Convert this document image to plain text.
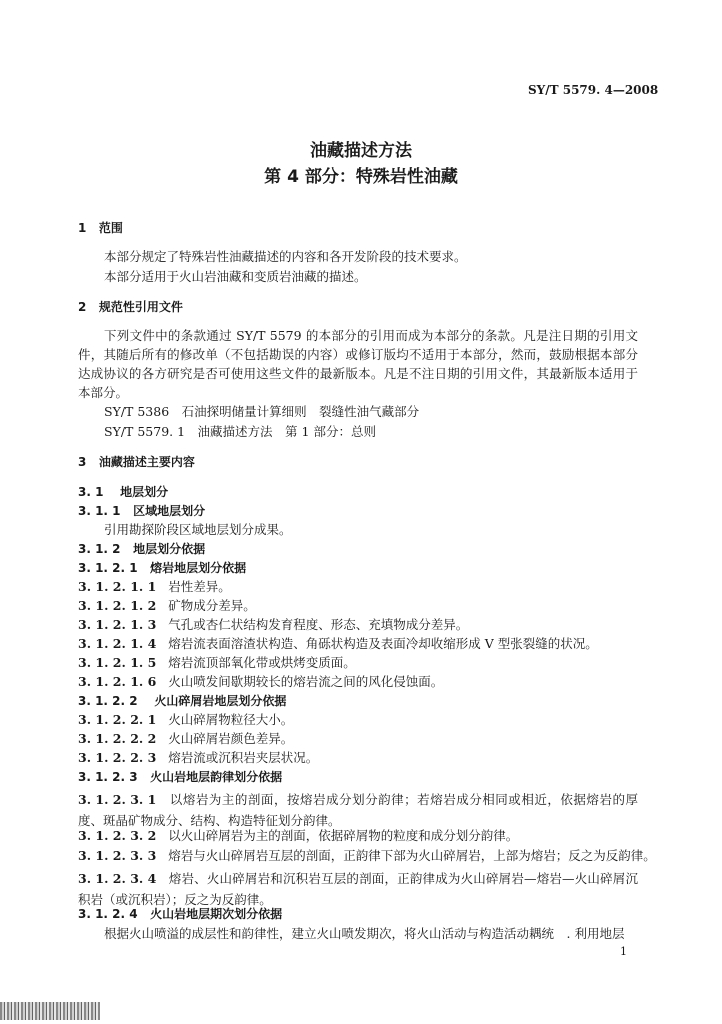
SY/T 5579. 4—2008
油藏描述方法
第 4 部分：特殊岩性油藏
1 范围
本部分规定了特殊岩性油藏描述的内容和各开发阶段的技术要求。
本部分适用于火山岩油藏和变质岩油藏的描述。
2 规范性引用文件
下列文件中的条款通过 SY/T 5579 的本部分的引用而成为本部分的条款。凡是注日期的引用文件，其随后所有的修改单（不包括勘误的内容）或修订版均不适用于本部分，然而，鼓励根据本部分达成协议的各方研究是否可使用这些文件的最新版本。凡是不注日期的引用文件，其最新版本适用于本部分。
SY/T 5386　石油探明储量计算细则　裂缝性油气藏部分
SY/T 5579. 1　油藏描述方法　第 1 部分：总则
3 油藏描述主要内容
3. 1 地层划分
3. 1. 1 区域地层划分
引用勘探阶段区域地层划分成果。
3. 1. 2 地层划分依据
3. 1. 2. 1 熔岩地层划分依据
3. 1. 2. 1. 1 岩性差异。
3. 1. 2. 1. 2 矿物成分差异。
3. 1. 2. 1. 3 气孔或杏仁状结构发育程度、形态、充填物成分差异。
3. 1. 2. 1. 4 熔岩流表面溶渣状构造、角砾状构造及表面冷却收缩形成 V 型张裂缝的状况。
3. 1. 2. 1. 5 熔岩流顶部氧化带或烘烤变质面。
3. 1. 2. 1. 6 火山喷发间歇期较长的熔岩流之间的风化侵蚀面。
3. 1. 2. 2 火山碎屑岩地层划分依据
3. 1. 2. 2. 1 火山碎屑物粒径大小。
3. 1. 2. 2. 2 火山碎屑岩颜色差异。
3. 1. 2. 2. 3 熔岩流或沉积岩夹层状况。
3. 1. 2. 3 火山岩地层韵律划分依据
3. 1. 2. 3. 1 以熔岩为主的剖面，按熔岩成分划分韵律；若熔岩成分相同或相近，依据熔岩的厚度、斑晶矿物成分、结构、构造特征划分韵律。
3. 1. 2. 3. 2 以火山碎屑岩为主的剖面，依据碎屑物的粒度和成分划分韵律。
3. 1. 2. 3. 3 熔岩与火山碎屑岩互层的剖面，正韵律下部为火山碎屑岩，上部为熔岩；反之为反韵律。
3. 1. 2. 3. 4 熔岩、火山碎屑岩和沉积岩互层的剖面，正韵律成为火山碎屑岩—熔岩—火山碎屑沉积岩（或沉积岩）；反之为反韵律。
3. 1. 2. 4 火山岩地层期次划分依据
根据火山喷溢的成层性和韵律性，建立火山喷发期次，将火山活动与构造活动耦统　. 利用地层
1
